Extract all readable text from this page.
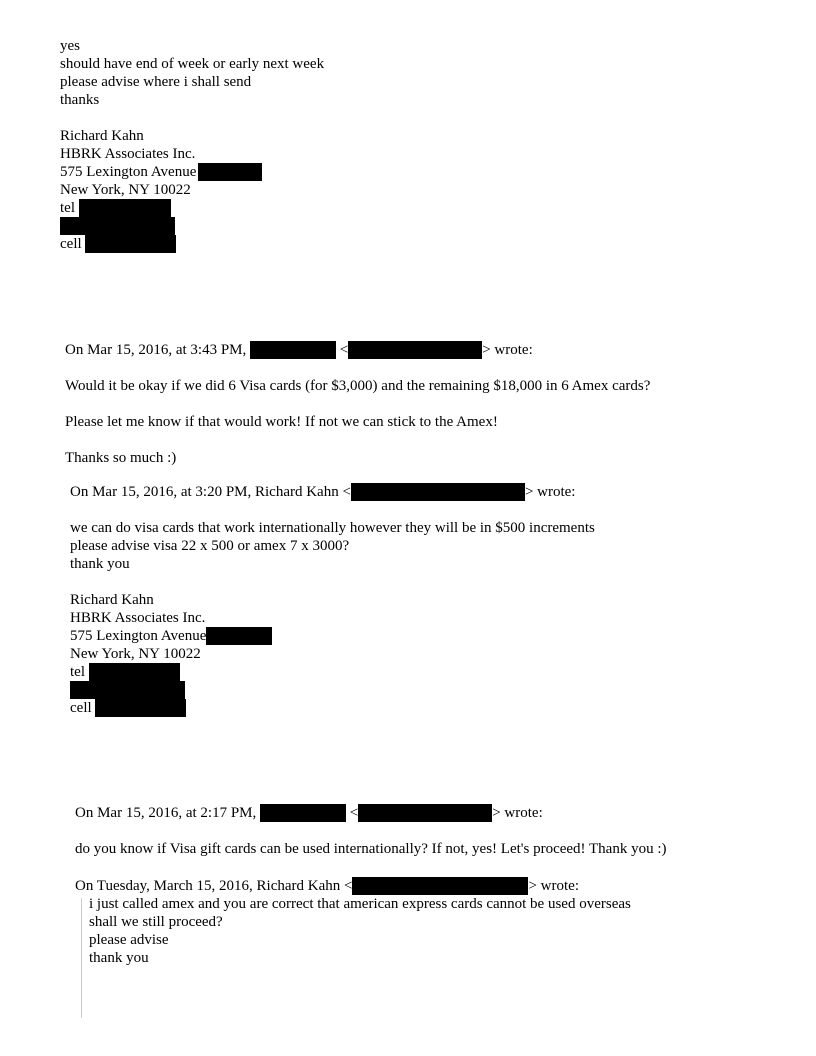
yes
should have end of week or early next week
please advise where i shall send
thanks
Richard Kahn
HBRK Associates Inc.
575 Lexington Avenue
New York, NY 10022
tel
cell
On Mar 15, 2016, at 3:43 PM,	<	> wrote:
Would it be okay if we did 6 Visa cards (for $3,000) and the remaining $18,000 in 6 Amex cards?
Please let me know if that would work! If not we can stick to the Amex!
Thanks so much :)
On Mar 15, 2016, at 3:20 PM, Richard Kahn <	> wrote:
we can do visa cards that work internationally however they will be in $500 increments
please advise visa 22 x 500 or amex 7 x 3000?
thank you
Richard Kahn
HBRK Associates Inc.
575 Lexington Avenue
New York, NY 10022
tel
cell
On Mar 15, 2016, at 2:17 PM,	<	> wrote:
do you know if Visa gift cards can be used internationally? If not, yes! Let's proceed! Thank you :)
On Tuesday, March 15, 2016, Richard Kahn <	> wrote:
i just called amex and you are correct that american express cards cannot be used overseas
shall we still proceed?
please advise
thank you
